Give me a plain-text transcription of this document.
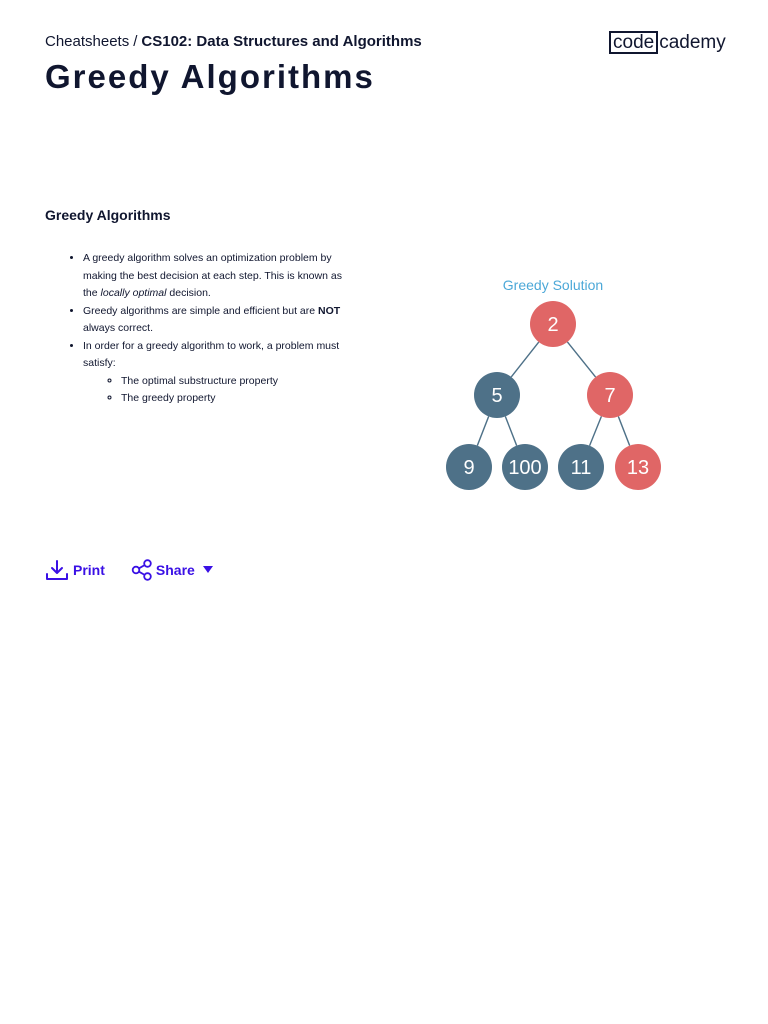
Cheatsheets / CS102: Data Structures and Algorithms	code cademy
Greedy Algorithms
Greedy Algorithms
• A greedy algorithm solves an optimization problem by making the best decision at each step. This is known as the locally optimal decision.
• Greedy algorithms are simple and efficient but are NOT always correct.
• In order for a greedy algorithm to work, a problem must satisfy:
◦ The optimal substructure property
◦ The greedy property
Greedy Solution
2
5	7
9 100 11 13
Print	Share
